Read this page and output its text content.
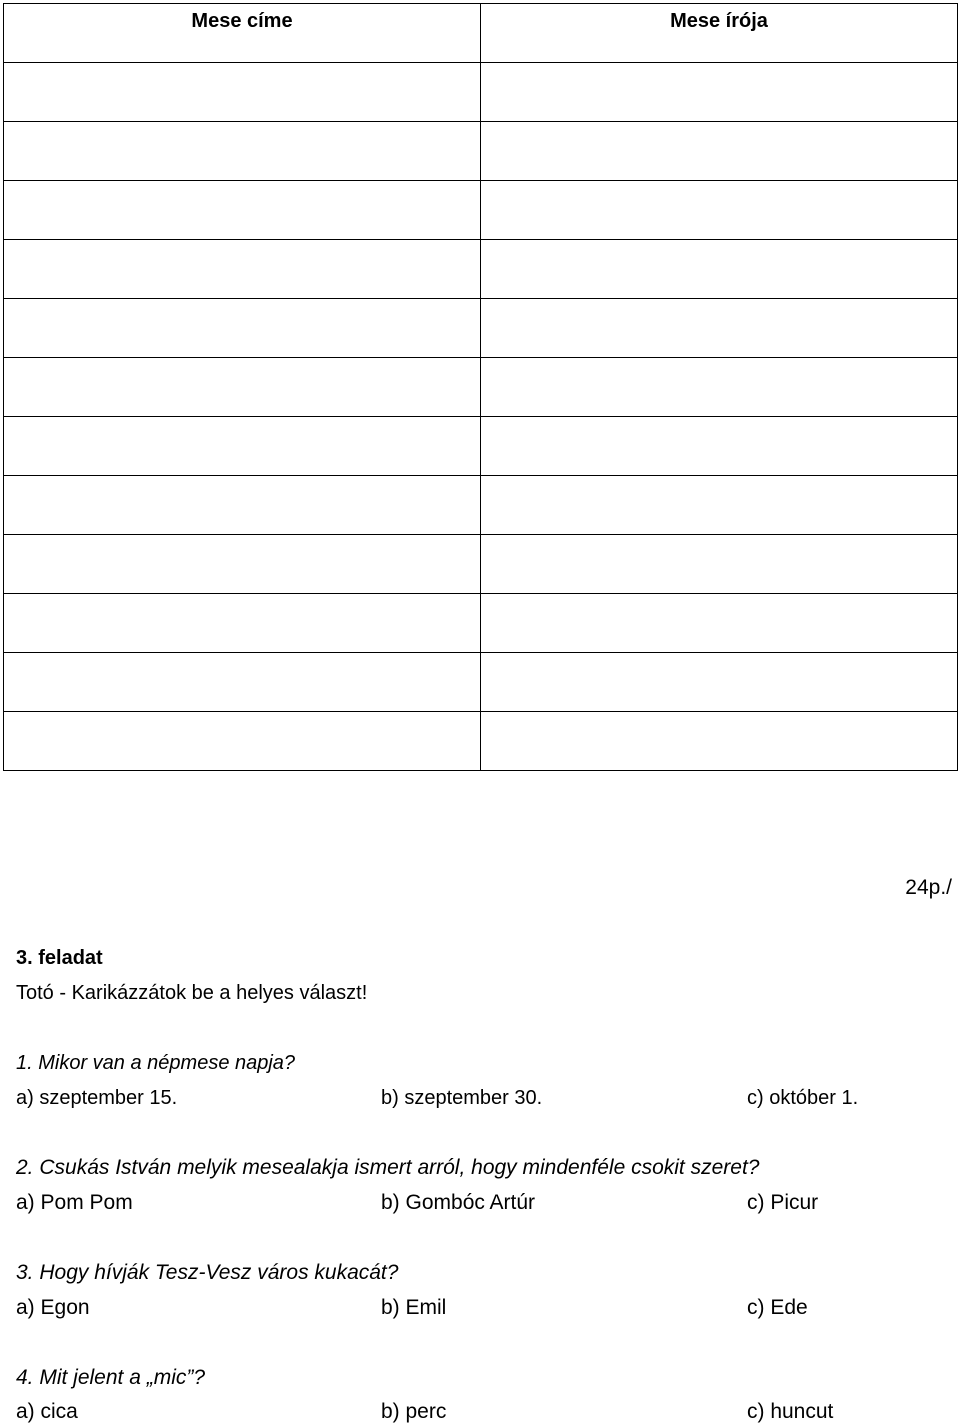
Mese címe	Mese írója

24p./
3. feladat
Totó - Karikázzátok be a helyes választ!
1. Mikor van a népmese napja?
a) szeptember 15.	b) szeptember 30.	c) október 1.
2. Csukás István melyik mesealakja ismert arról, hogy mindenféle csokit szeret?
a) Pom Pom	b) Gombóc Artúr	c) Picur
3. Hogy hívják Tesz-Vesz város kukacát?
a) Egon	b) Emil	c) Ede
4. Mit jelent a „mic”?
a) cica	b) perc	c) huncut
